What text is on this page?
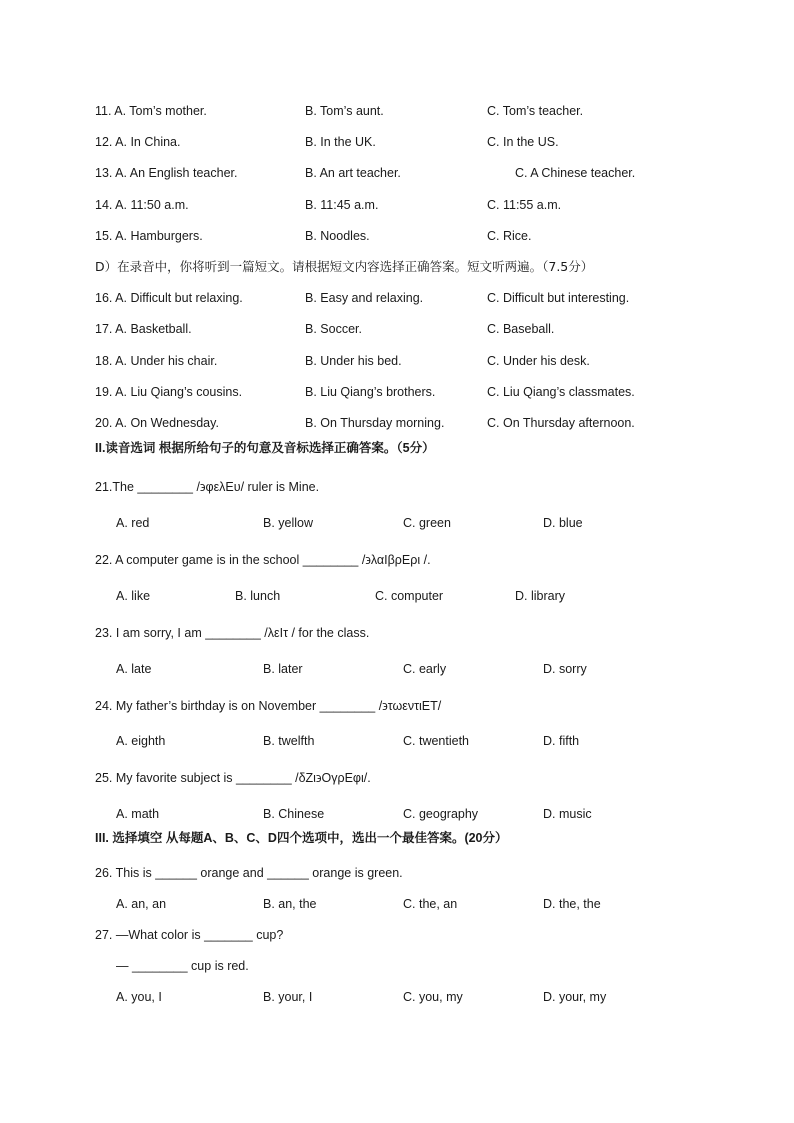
11. A. Tom’s mother.	B. Tom’s aunt.	C. Tom’s teacher.
12. A. In China.	B. In the UK.	C. In the US.
13. A. An English teacher.	B. An art teacher.	C. A Chinese teacher.
14. A. 11:50 a.m.	B. 11:45 a.m.	C. 11:55 a.m.
15. A. Hamburgers.	B. Noodles.	C. Rice.
D）在录音中，你将听到一篇短文。请根据短文内容选择正确答案。短文听两遍。（7.5分）
16. A. Difficult but relaxing.	B. Easy and relaxing.	C. Difficult but interesting.
17. A. Basketball.	B. Soccer.	C. Baseball.
18. A. Under his chair.	B. Under his bed.	C. Under his desk.
19. A. Liu Qiang’s cousins.	B. Liu Qiang’s brothers.	C. Liu Qiang’s classmates.
20. A. On Wednesday.	B. On Thursday morning.	C. On Thursday afternoon.
II.读音选词 根据所给句子的句意及音标选择正确答案。（5分）
21.The ________ /϶φελΕυ/ ruler is Mine.
A. red	B. yellow	C. green	D. blue
22. A computer game is in the school ________ /϶λαΙβρΕρι /.
A. like	B. lunch	C. computer	D. library
23. I am sorry, I am ________ /λεΙτ / for the class.
A. late	B. later	C. early	D. sorry
24. My father’s birthday is on November ________ /϶τωεντιΕΤ/
A. eighth	B. twelfth	C. twentieth	D. fifth
25. My favorite subject is ________ /δΖι϶ΟγρΕφι/.
A. math	B. Chinese	C. geography	D. music
III. 选择填空 从每题A、B、C、D四个选项中，选出一个最佳答案。(20分）
26. This is ______ orange and ______ orange is green.
A. an, an	B. an, the	C. the, an	D. the, the
27. —What color is _______ cup?
— ________ cup is red.
A. you, I	B. your, I	C. you, my	D. your, my
